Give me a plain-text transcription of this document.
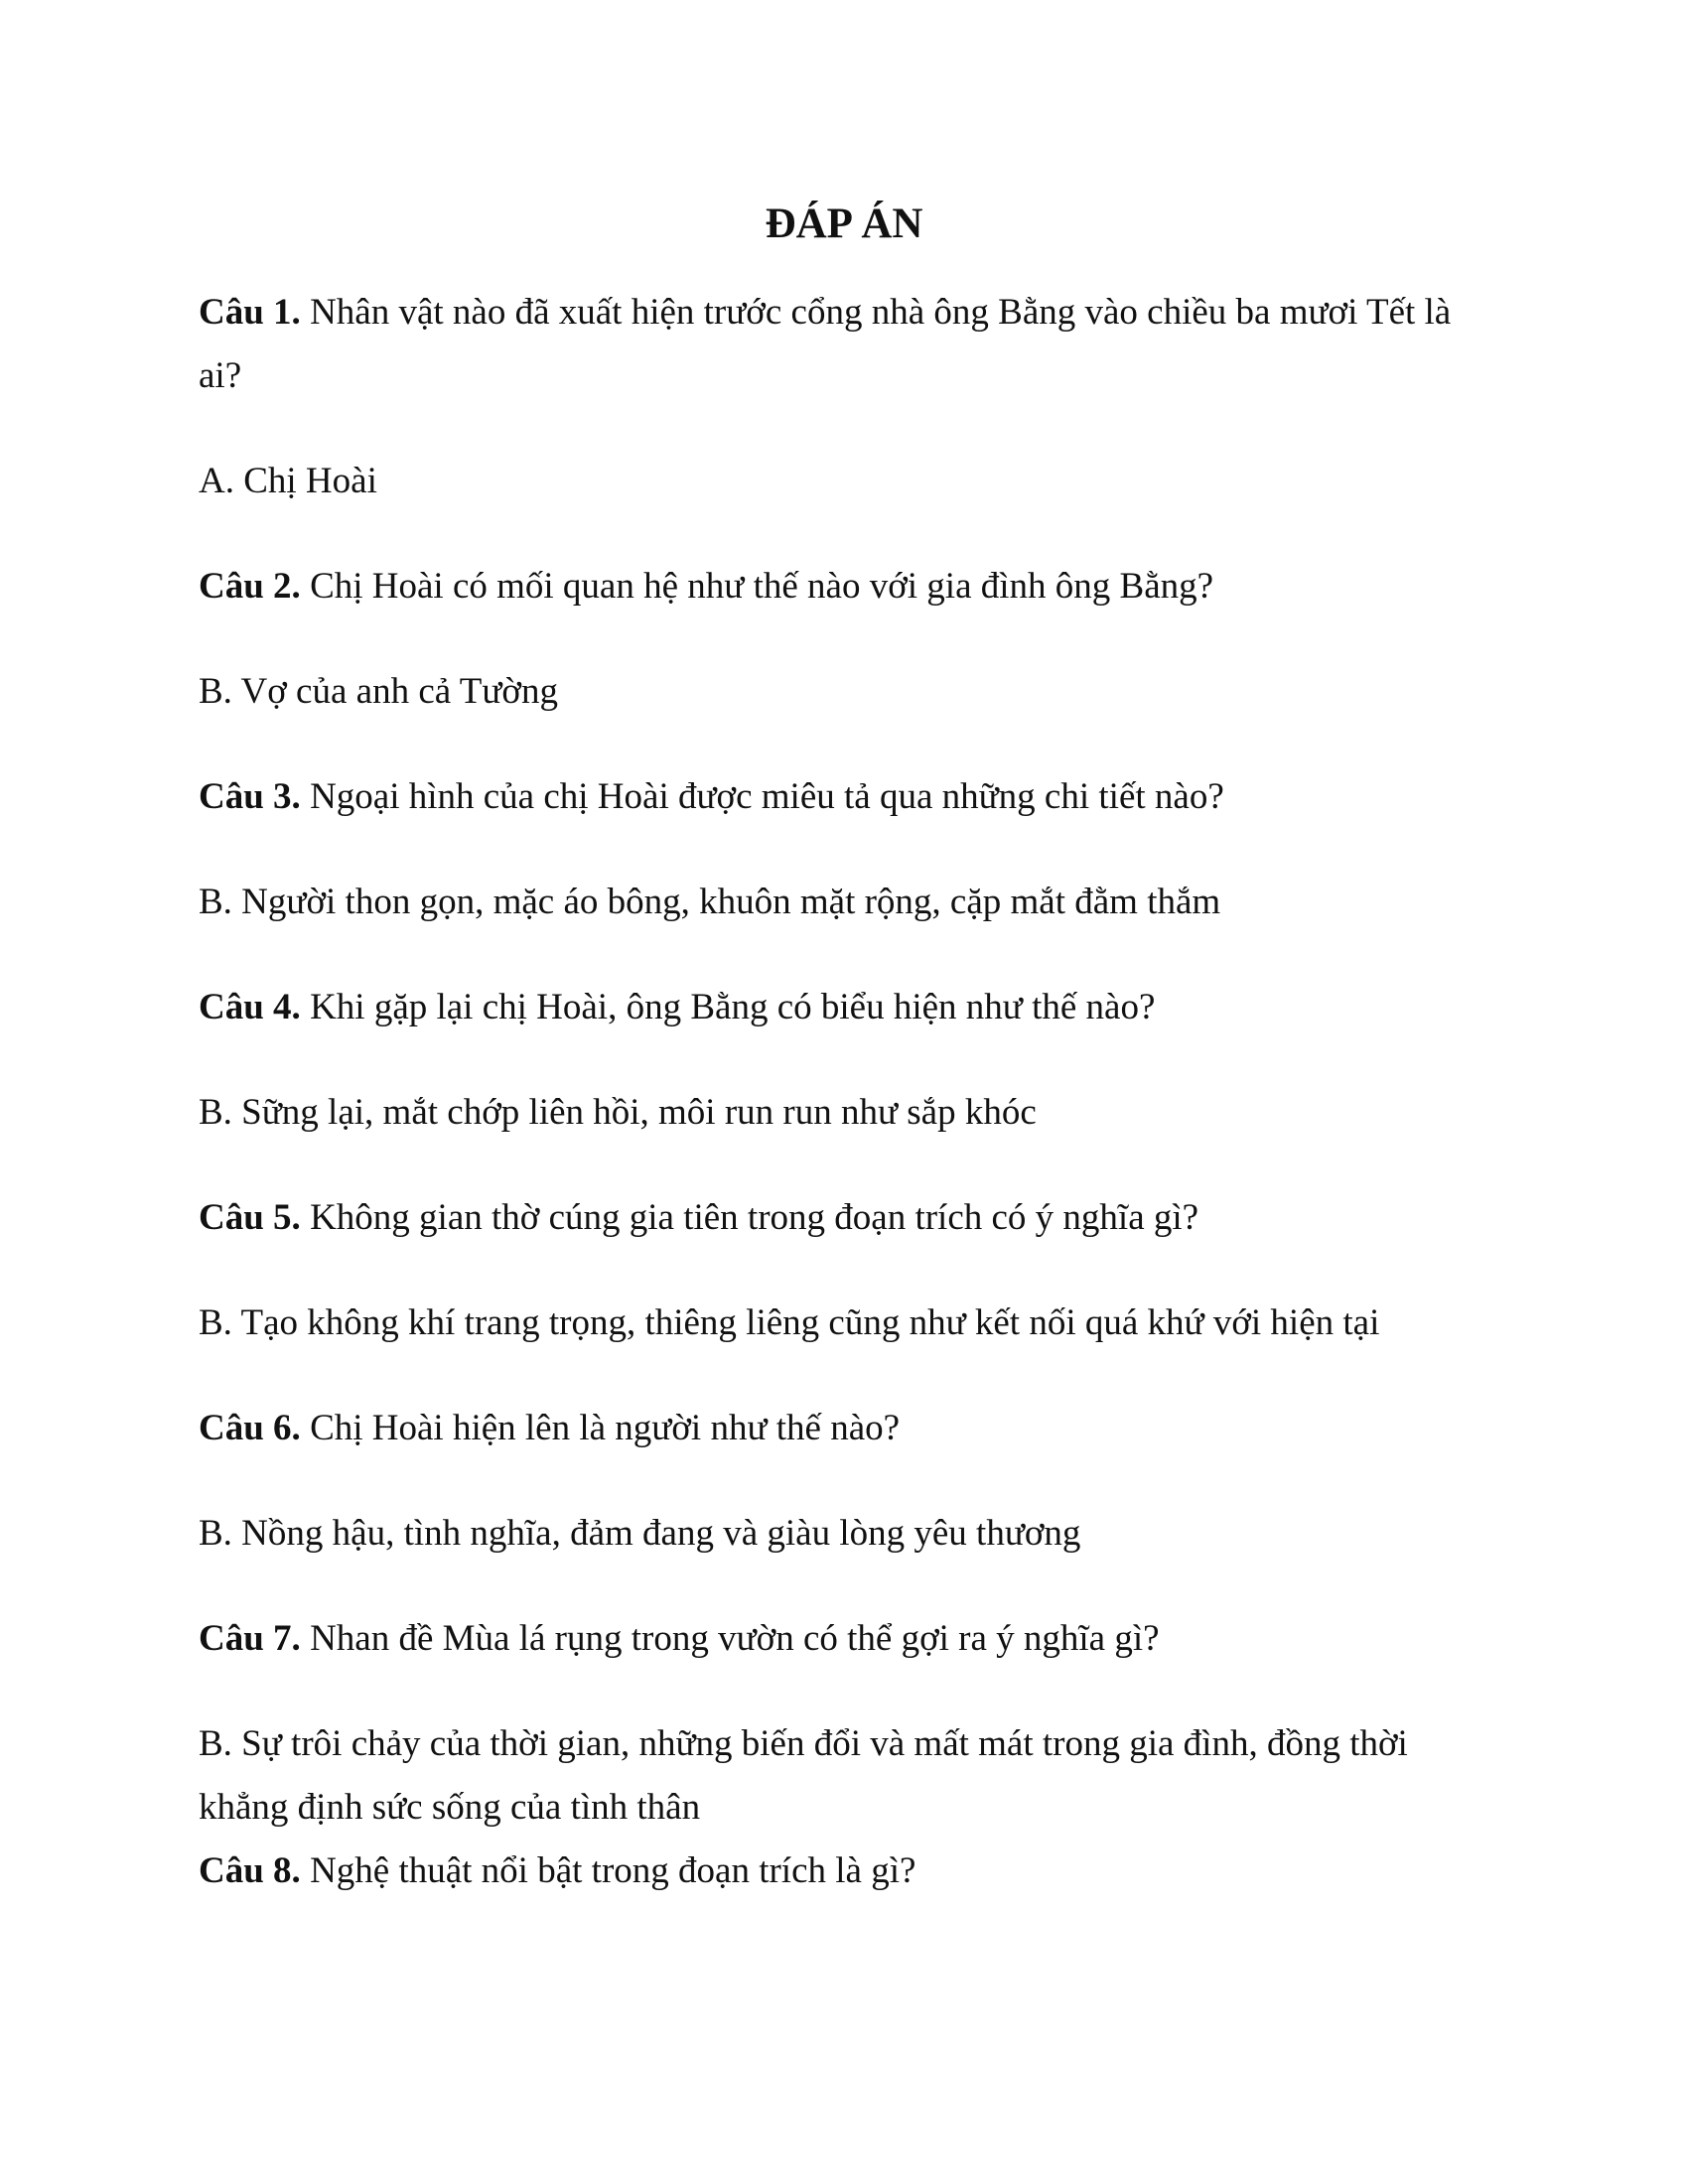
ĐÁP ÁN

Câu 1. Nhân vật nào đã xuất hiện trước cổng nhà ông Bằng vào chiều ba mươi Tết là ai?

A. Chị Hoài

Câu 2. Chị Hoài có mối quan hệ như thế nào với gia đình ông Bằng?

B. Vợ của anh cả Tường

Câu 3. Ngoại hình của chị Hoài được miêu tả qua những chi tiết nào?

B. Người thon gọn, mặc áo bông, khuôn mặt rộng, cặp mắt đằm thắm

Câu 4. Khi gặp lại chị Hoài, ông Bằng có biểu hiện như thế nào?

B. Sững lại, mắt chớp liên hồi, môi run run như sắp khóc

Câu 5. Không gian thờ cúng gia tiên trong đoạn trích có ý nghĩa gì?

B. Tạo không khí trang trọng, thiêng liêng cũng như kết nối quá khứ với hiện tại

Câu 6. Chị Hoài hiện lên là người như thế nào?

B. Nồng hậu, tình nghĩa, đảm đang và giàu lòng yêu thương

Câu 7. Nhan đề Mùa lá rụng trong vườn có thể gợi ra ý nghĩa gì?

B. Sự trôi chảy của thời gian, những biến đổi và mất mát trong gia đình, đồng thời khẳng định sức sống của tình thân

Câu 8. Nghệ thuật nổi bật trong đoạn trích là gì?
